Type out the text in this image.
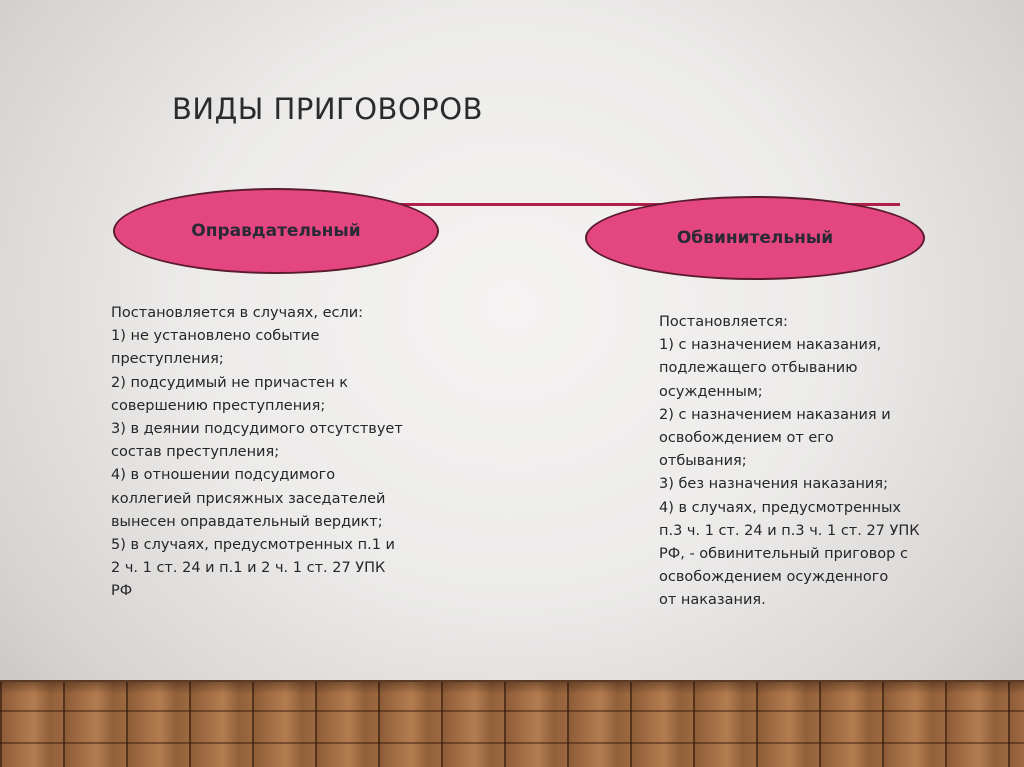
ВИДЫ ПРИГОВОРОВ
Оправдательный	Обвинительный
Постановляется в случаях, если:
1) не установлено событие
преступления;
2) подсудимый не причастен к
совершению преступления;
3) в деянии подсудимого отсутствует
состав преступления;
4) в отношении подсудимого
коллегией присяжных заседателей
вынесен оправдательный вердикт;
5) в случаях, предусмотренных п.1 и
2 ч. 1 ст. 24 и п.1 и 2 ч. 1 ст. 27 УПК
РФ
Постановляется:
1) с назначением наказания,
подлежащего отбыванию
осужденным;
2) с назначением наказания и
освобождением от его
отбывания;
3) без назначения наказания;
4) в случаях, предусмотренных
п.3 ч. 1 ст. 24 и п.3 ч. 1 ст. 27 УПК
РФ, - обвинительный приговор с
освобождением осужденного
от наказания.
